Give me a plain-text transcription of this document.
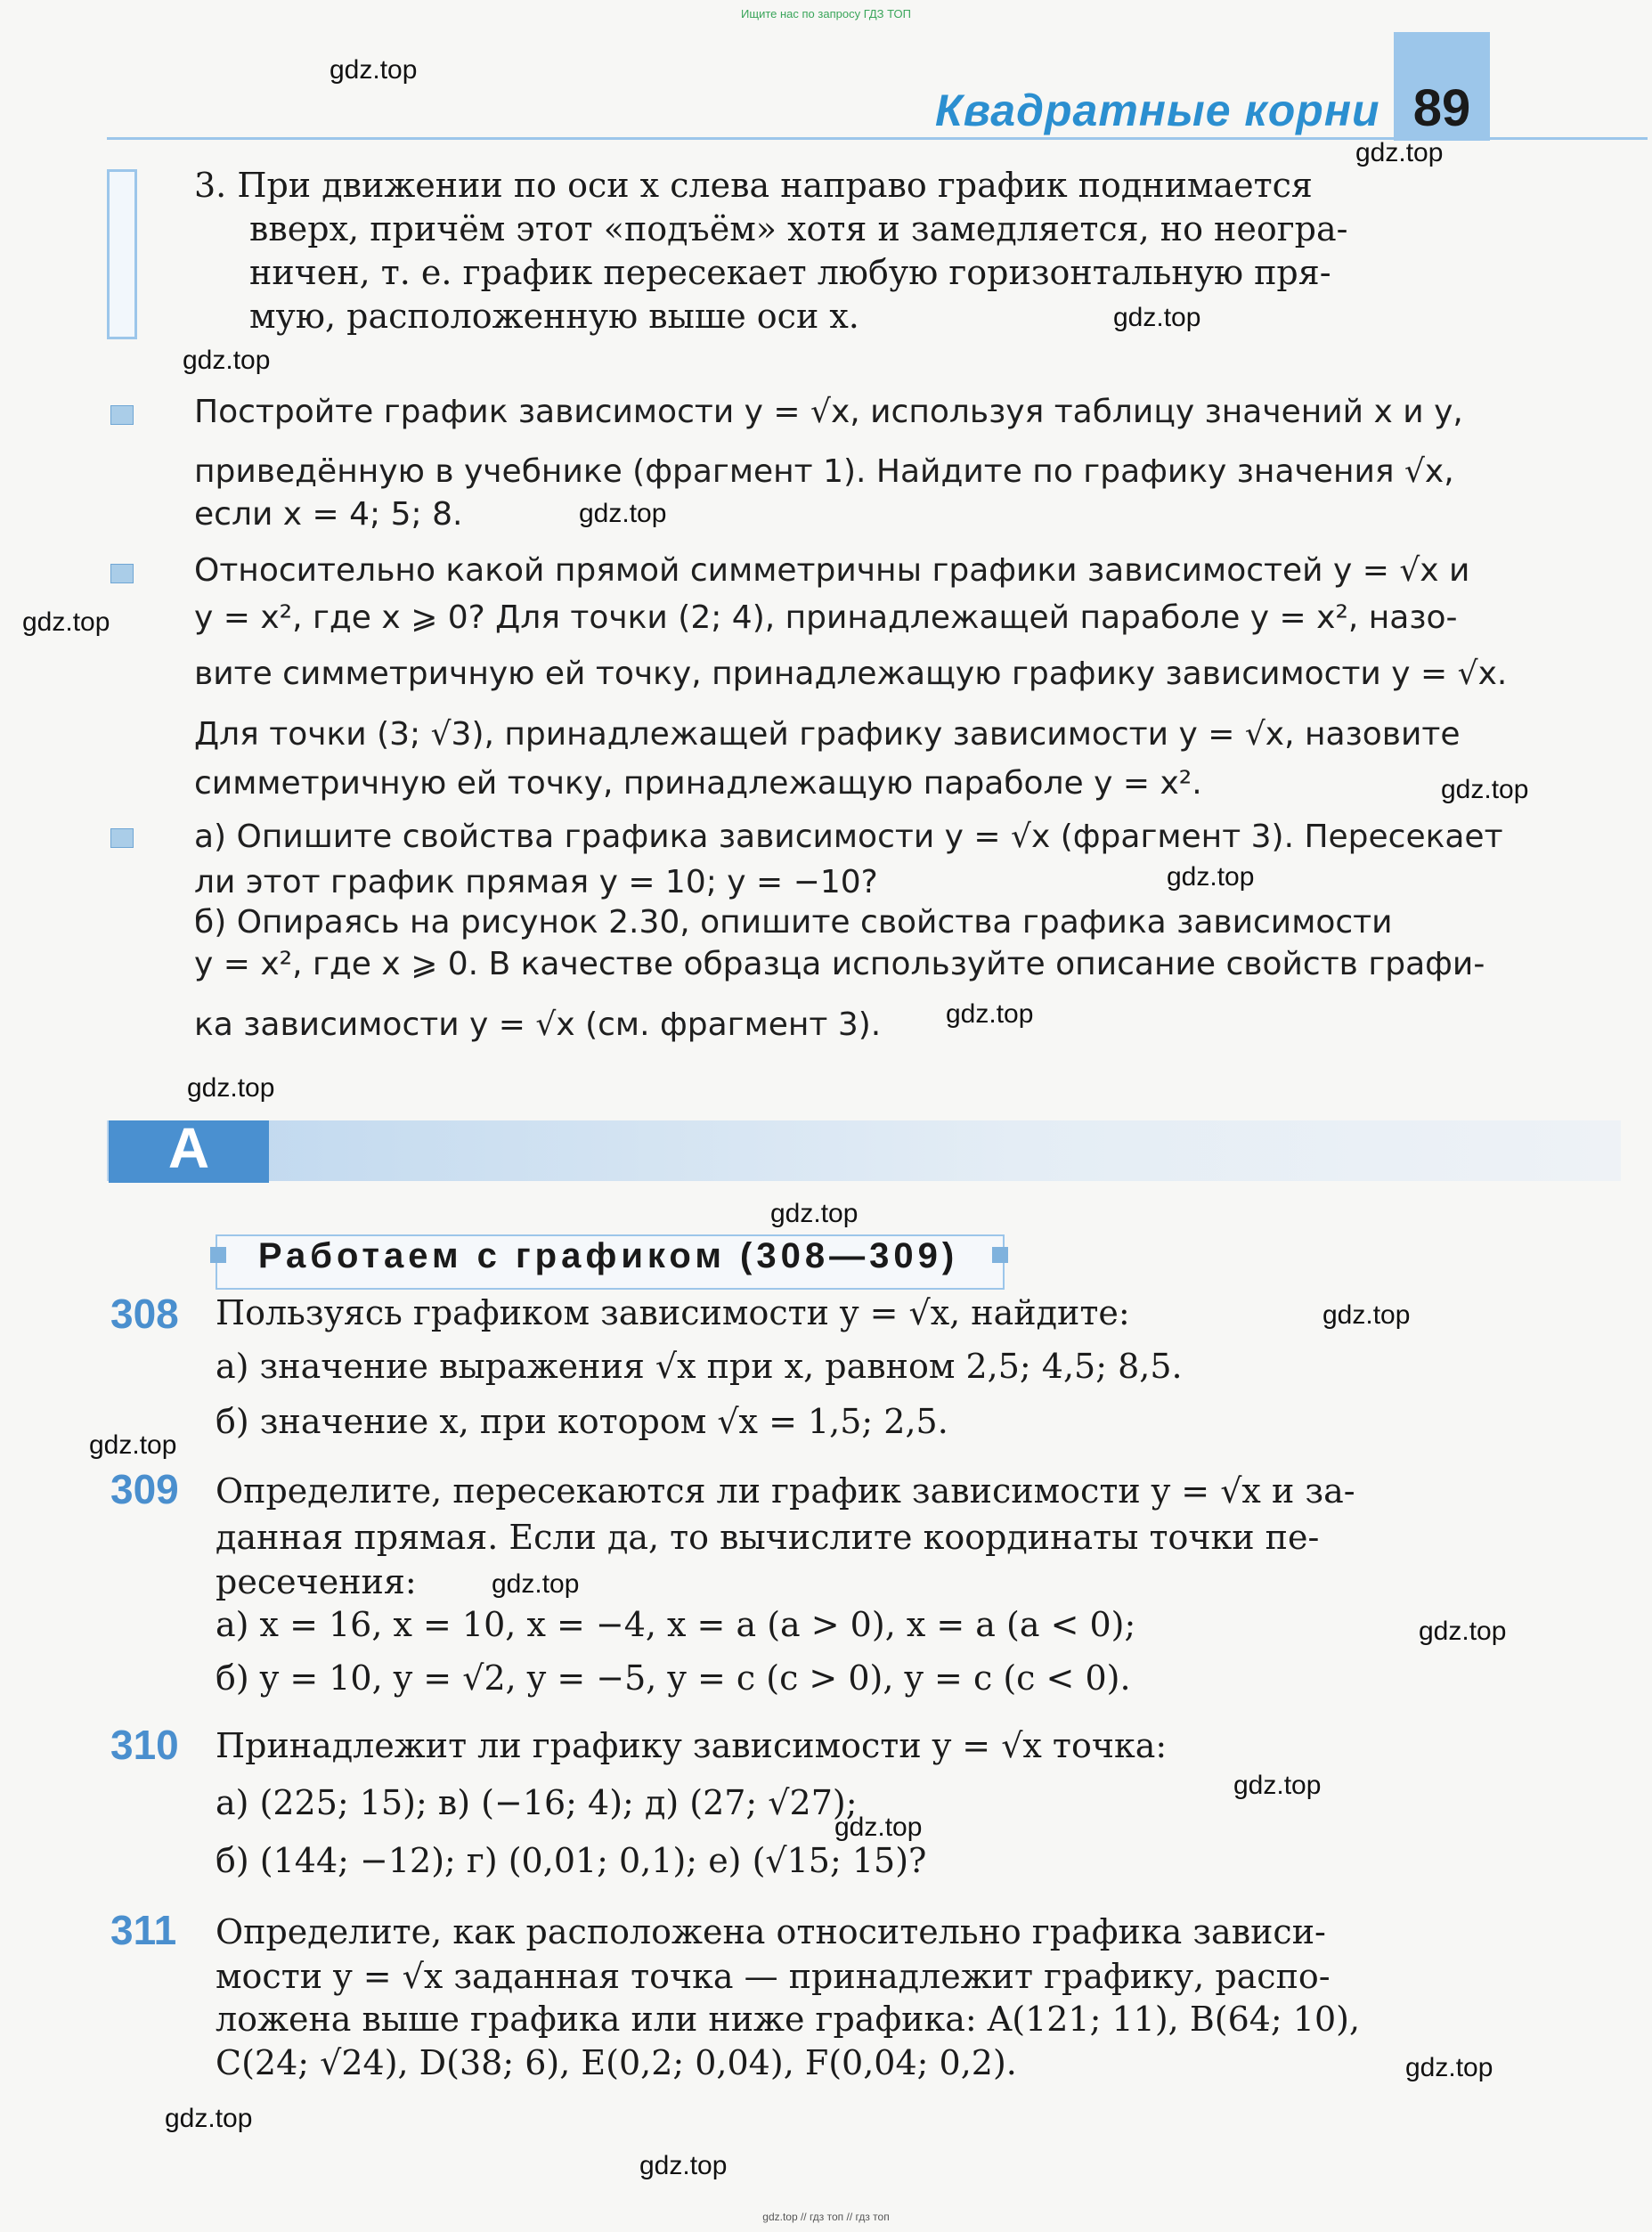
Ищите нас по запросу ГДЗ ТОП
gdz.top // гдз топ // гдз топ
89
Квадратные корни
3. При движении по оси x слева направо график поднимается
вверх, причём этот «подъём» хотя и замедляется, но неогра-
ничен, т. е. график пересекает любую горизонтальную пря-
мую, расположенную выше оси x.
Постройте график зависимости y = √x, используя таблицу значений x и y,
приведённую в учебнике (фрагмент 1). Найдите по графику значения √x,
если x = 4; 5; 8.
Относительно какой прямой симметричны графики зависимостей y = √x и
y = x², где x ⩾ 0? Для точки (2; 4), принадлежащей параболе y = x², назо-
вите симметричную ей точку, принадлежащую графику зависимости y = √x.
Для точки (3; √3), принадлежащей графику зависимости y = √x, назовите
симметричную ей точку, принадлежащую параболе y = x².
а) Опишите свойства графика зависимости y = √x (фрагмент 3). Пересекает
ли этот график прямая y = 10; y = −10?
б) Опираясь на рисунок 2.30, опишите свойства графика зависимости
y = x², где x ⩾ 0. В качестве образца используйте описание свойств графи-
ка зависимости y = √x (см. фрагмент 3).
A
Работаем с графиком (308—309)
308 Пользуясь графиком зависимости y = √x, найдите:
а) значение выражения √x при x, равном 2,5; 4,5; 8,5.
б) значение x, при котором √x = 1,5; 2,5.
309 Определите, пересекаются ли график зависимости y = √x и за-
данная прямая. Если да, то вычислите координаты точки пе-
ресечения:
а) x = 16, x = 10, x = −4, x = a (a > 0), x = a (a < 0);
б) y = 10, y = √2, y = −5, y = c (c > 0), y = c (c < 0).
310 Принадлежит ли графику зависимости y = √x точка:
а) (225; 15); в) (−16; 4); д) (27; √27);
б) (144; −12); г) (0,01; 0,1); е) (√15; 15)?
311 Определите, как расположена относительно графика зависи-
мости y = √x заданная точка — принадлежит графику, распо-
ложена выше графика или ниже графика: A(121; 11), B(64; 10),
C(24; √24), D(38; 6), E(0,2; 0,04), F(0,04; 0,2).
gdz.top
gdz.top
gdz.top
gdz.top
gdz.top
gdz.top
gdz.top
gdz.top
gdz.top
gdz.top
gdz.top
gdz.top
gdz.top
gdz.top
gdz.top
gdz.top
gdz.top
gdz.top
gdz.top
gdz.top
